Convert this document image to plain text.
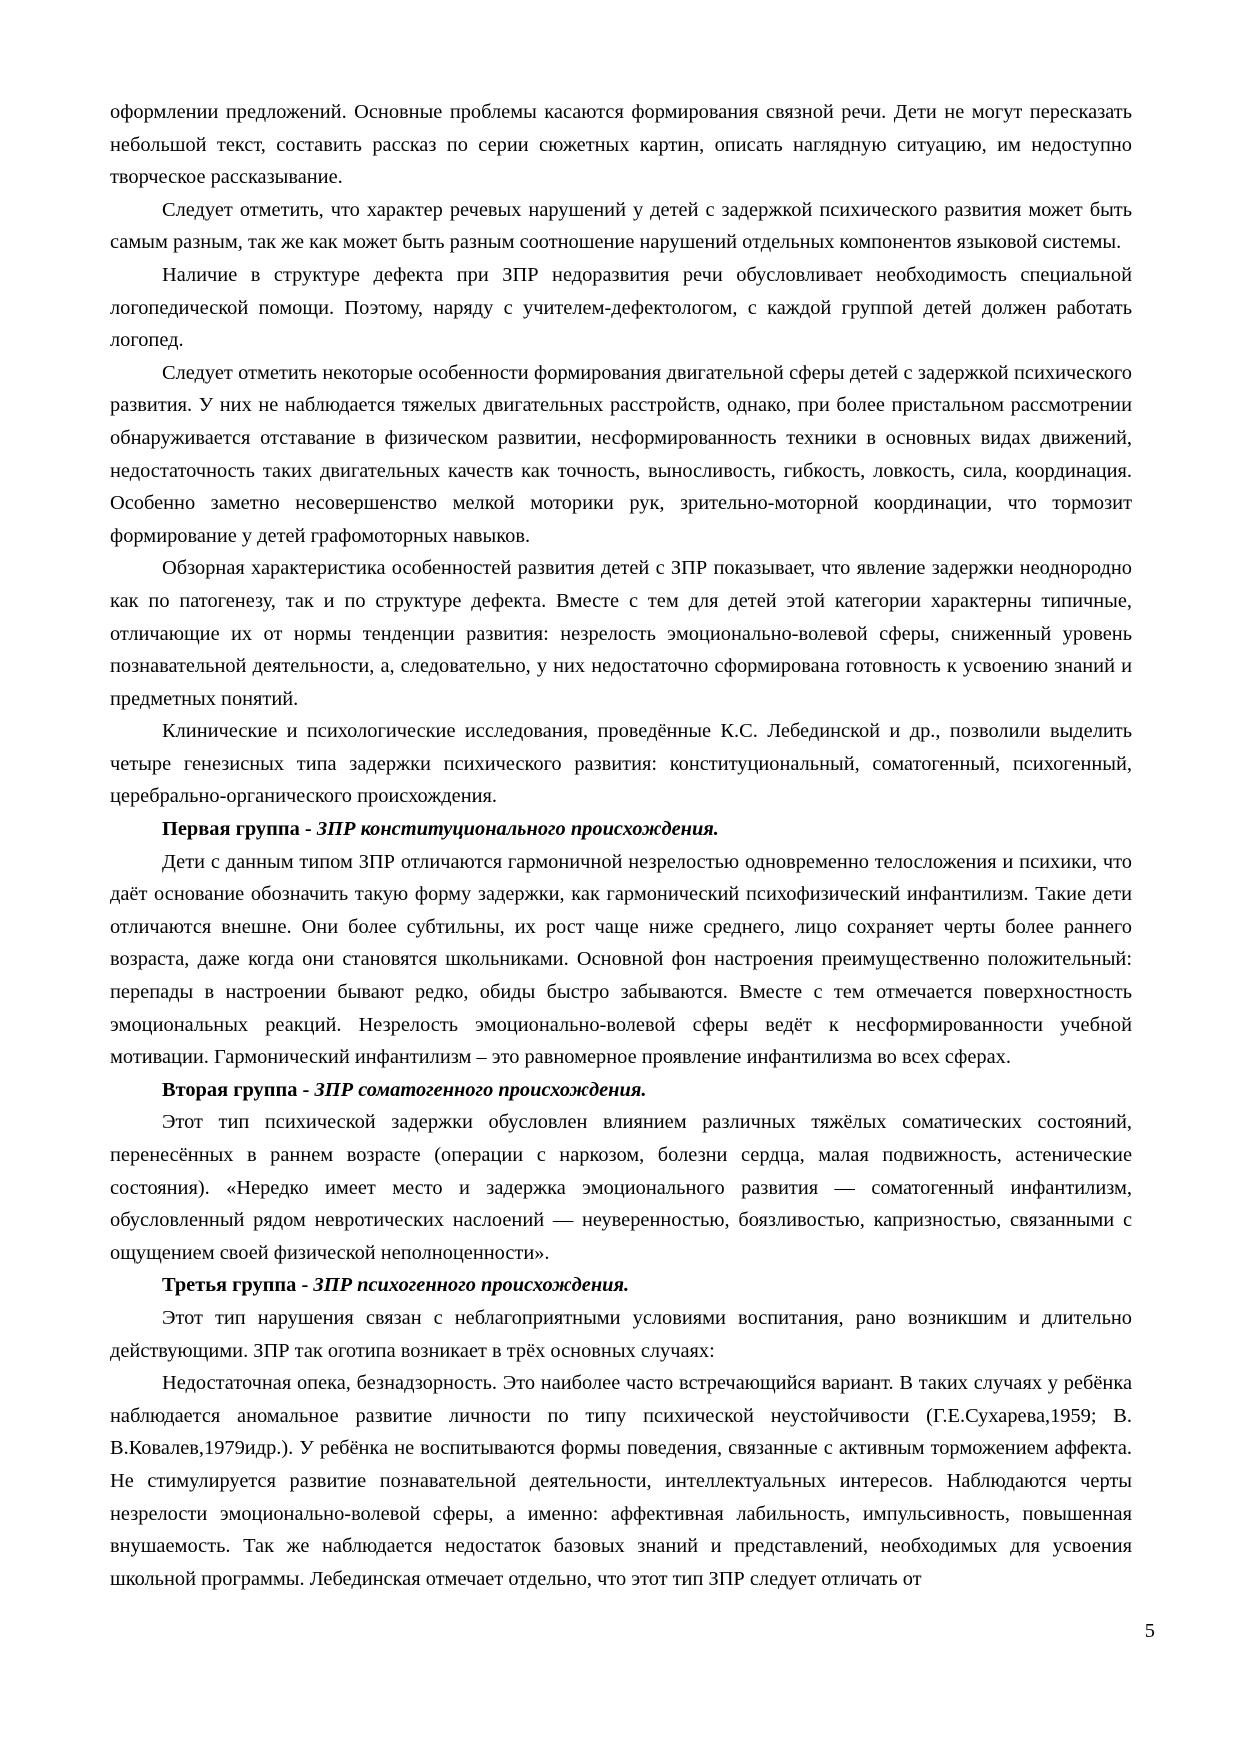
оформлении предложений. Основные проблемы касаются формирования связной речи. Дети не могут пересказать небольшой текст, составить рассказ по серии сюжетных картин, описать наглядную ситуацию, им недоступно творческое рассказывание.

Следует отметить, что характер речевых нарушений у детей с задержкой психического развития может быть самым разным, так же как может быть разным соотношение нарушений отдельных компонентов языковой системы.

Наличие в структуре дефекта при ЗПР недоразвития речи обусловливает необходимость специальной логопедической помощи. Поэтому, наряду с учителем-дефектологом, с каждой группой детей должен работать логопед.

Следует отметить некоторые особенности формирования двигательной сферы детей с задержкой психического развития. У них не наблюдается тяжелых двигательных расстройств, однако, при более пристальном рассмотрении обнаруживается отставание в физическом развитии, несформированность техники в основных видах движений, недостаточность таких двигательных качеств как точность, выносливость, гибкость, ловкость, сила, координация. Особенно заметно несовершенство мелкой моторики рук, зрительно-моторной координации, что тормозит формирование у детей графомоторных навыков.

Обзорная характеристика особенностей развития детей с ЗПР показывает, что явление задержки неоднородно как по патогенезу, так и по структуре дефекта. Вместе с тем для детей этой категории характерны типичные, отличающие их от нормы тенденции развития: незрелость эмоционально-волевой сферы, сниженный уровень познавательной деятельности, а, следовательно, у них недостаточно сформирована готовность к усвоению знаний и предметных понятий.

Клинические и психологические исследования, проведённые К.С. Лебединской и др., позволили выделить четыре генезисных типа задержки психического развития: конституциональный, соматогенный, психогенный, церебрально-органического происхождения.

Первая группа - ЗПР конституционального происхождения.

Дети с данным типом ЗПР отличаются гармоничной незрелостью одновременно телосложения и психики, что даёт основание обозначить такую форму задержки, как гармонический психофизический инфантилизм. Такие дети отличаются внешне. Они более субтильны, их рост чаще ниже среднего, лицо сохраняет черты более раннего возраста, даже когда они становятся школьниками. Основной фон настроения преимущественно положительный: перепады в настроении бывают редко, обиды быстро забываются. Вместе с тем отмечается поверхностность эмоциональных реакций. Незрелость эмоционально-волевой сферы ведёт к несформированности учебной мотивации. Гармонический инфантилизм – это равномерное проявление инфантилизма во всех сферах.

Вторая группа - ЗПР соматогенного происхождения.

Этот тип психической задержки обусловлен влиянием различных тяжёлых соматических состояний, перенесённых в раннем возрасте (операции с наркозом, болезни сердца, малая подвижность, астенические состояния). «Нередко имеет место и задержка эмоционального развития — соматогенный инфантилизм, обусловленный рядом невротических наслоений — неуверенностью, боязливостью, капризностью, связанными с ощущением своей физической неполноценности».

Третья группа - ЗПР психогенного происхождения.

Этот тип нарушения связан с неблагоприятными условиями воспитания, рано возникшим и длительно действующими. ЗПР так оготипа возникает в трёх основных случаях:

Недостаточная опека, безнадзорность. Это наиболее часто встречающийся вариант. В таких случаях у ребёнка наблюдается аномальное развитие личности по типу психической неустойчивости (Г.Е.Сухарева,1959; В. В.Ковалев,1979идр.). У ребёнка не воспитываются формы поведения, связанные с активным торможением аффекта. Не стимулируется развитие познавательной деятельности, интеллектуальных интересов. Наблюдаются черты незрелости эмоционально-волевой сферы, а именно: аффективная лабильность, импульсивность, повышенная внушаемость. Так же наблюдается недостаток базовых знаний и представлений, необходимых для усвоения школьной программы. Лебединская отмечает отдельно, что этот тип ЗПР следует отличать от

5
